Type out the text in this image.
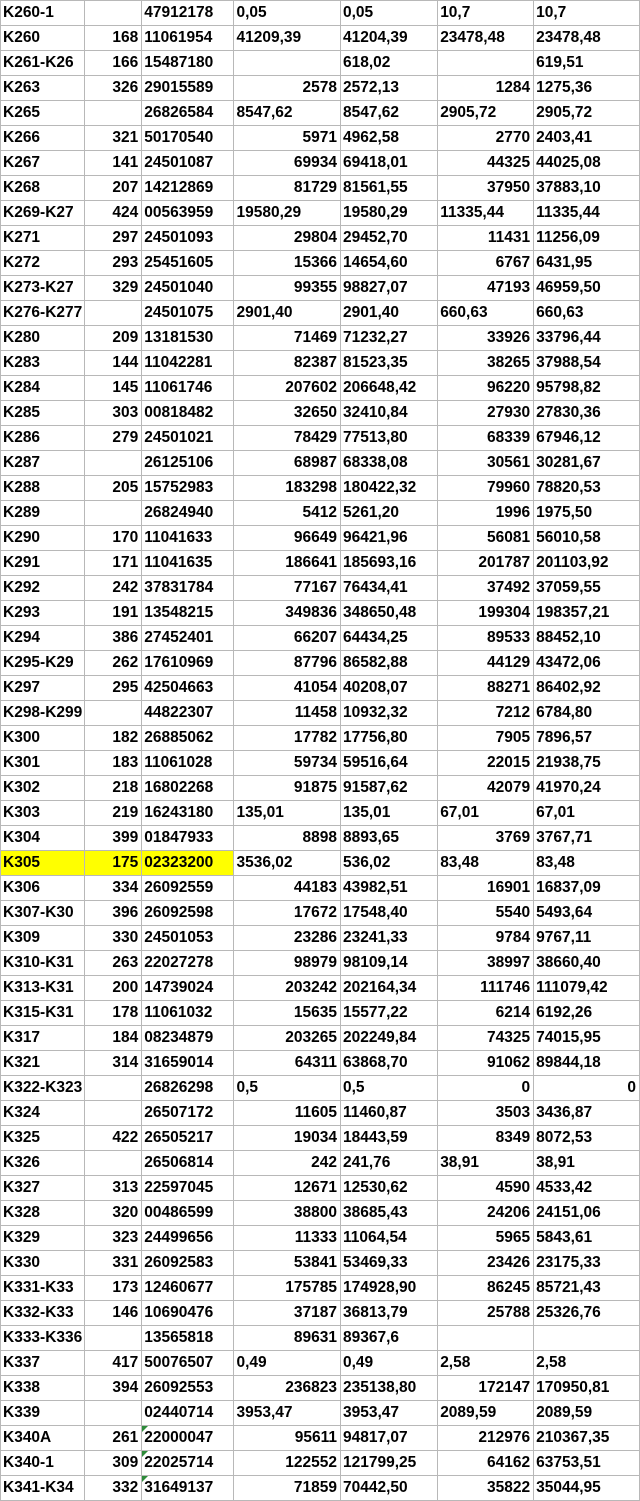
K260-1		47912178	0,05	0,05	10,7	10,7
K260	168	11061954	41209,39	41204,39	23478,48	23478,48
K261-K26	166	15487180		618,02		619,51
K263	326	29015589	2578	2572,13	1284	1275,36
K265		26826584	8547,62	8547,62	2905,72	2905,72
K266	321	50170540	5971	4962,58	2770	2403,41
K267	141	24501087	69934	69418,01	44325	44025,08
K268	207	14212869	81729	81561,55	37950	37883,10
K269-K27	424	00563959	19580,29	19580,29	11335,44	11335,44
K271	297	24501093	29804	29452,70	11431	11256,09
K272	293	25451605	15366	14654,60	6767	6431,95
K273-K27	329	24501040	99355	98827,07	47193	46959,50
K276-K277		24501075	2901,40	2901,40	660,63	660,63
K280	209	13181530	71469	71232,27	33926	33796,44
K283	144	11042281	82387	81523,35	38265	37988,54
K284	145	11061746	207602	206648,42	96220	95798,82
K285	303	00818482	32650	32410,84	27930	27830,36
K286	279	24501021	78429	77513,80	68339	67946,12
K287		26125106	68987	68338,08	30561	30281,67
K288	205	15752983	183298	180422,32	79960	78820,53
K289		26824940	5412	5261,20	1996	1975,50
K290	170	11041633	96649	96421,96	56081	56010,58
K291	171	11041635	186641	185693,16	201787	201103,92
K292	242	37831784	77167	76434,41	37492	37059,55
K293	191	13548215	349836	348650,48	199304	198357,21
K294	386	27452401	66207	64434,25	89533	88452,10
K295-K29	262	17610969	87796	86582,88	44129	43472,06
K297	295	42504663	41054	40208,07	88271	86402,92
K298-K299		44822307	11458	10932,32	7212	6784,80
K300	182	26885062	17782	17756,80	7905	7896,57
K301	183	11061028	59734	59516,64	22015	21938,75
K302	218	16802268	91875	91587,62	42079	41970,24
K303	219	16243180	135,01	135,01	67,01	67,01
K304	399	01847933	8898	8893,65	3769	3767,71
K305	175	02323200	3536,02	536,02	83,48	83,48
K306	334	26092559	44183	43982,51	16901	16837,09
K307-K30	396	26092598	17672	17548,40	5540	5493,64
K309	330	24501053	23286	23241,33	9784	9767,11
K310-K31	263	22027278	98979	98109,14	38997	38660,40
K313-K31	200	14739024	203242	202164,34	111746	111079,42
K315-K31	178	11061032	15635	15577,22	6214	6192,26
K317	184	08234879	203265	202249,84	74325	74015,95
K321	314	31659014	64311	63868,70	91062	89844,18
K322-K323		26826298	0,5	0,5	0	0
K324		26507172	11605	11460,87	3503	3436,87
K325	422	26505217	19034	18443,59	8349	8072,53
K326		26506814	242	241,76	38,91	38,91
K327	313	22597045	12671	12530,62	4590	4533,42
K328	320	00486599	38800	38685,43	24206	24151,06
K329	323	24499656	11333	11064,54	5965	5843,61
K330	331	26092583	53841	53469,33	23426	23175,33
K331-K33	173	12460677	175785	174928,90	86245	85721,43
K332-K33	146	10690476	37187	36813,79	25788	25326,76
K333-K336		13565818	89631	89367,6		
K337	417	50076507	0,49	0,49	2,58	2,58
K338	394	26092553	236823	235138,80	172147	170950,81
K339		02440714	3953,47	3953,47	2089,59	2089,59
K340A	261	22000047	95611	94817,07	212976	210367,35
K340-1	309	22025714	122552	121799,25	64162	63753,51
K341-K34	332	31649137	71859	70442,50	35822	35044,95
